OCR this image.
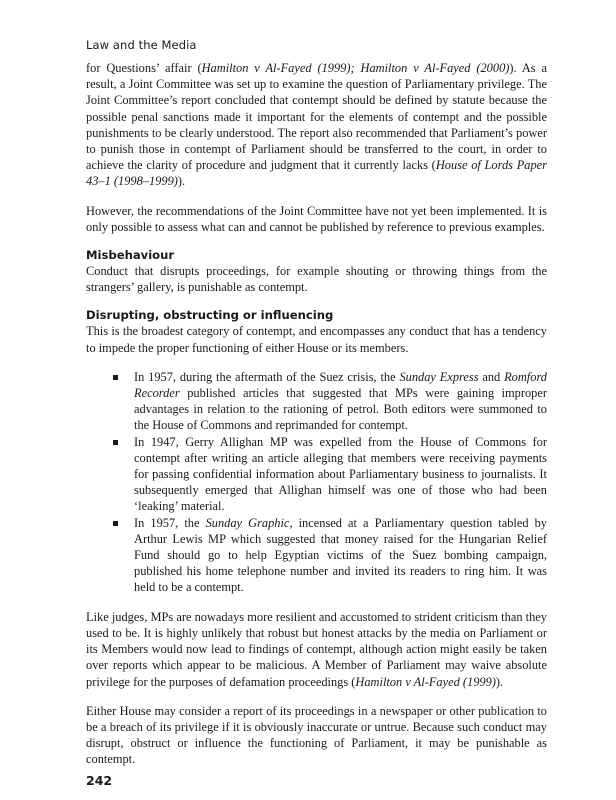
Law and the Media

for Questions’ affair (Hamilton v Al-Fayed (1999); Hamilton v Al-Fayed (2000)). As a result, a Joint Committee was set up to examine the question of Parliamentary privilege. The Joint Committee’s report concluded that contempt should be defined by statute because the possible penal sanctions made it important for the elements of contempt and the possible punishments to be clearly understood. The report also recommended that Parliament’s power to punish those in contempt of Parliament should be transferred to the court, in order to achieve the clarity of procedure and judgment that it currently lacks (House of Lords Paper 43–1 (1998–1999)).

However, the recommendations of the Joint Committee have not yet been implemented. It is only possible to assess what can and cannot be published by reference to previous examples.

Misbehaviour

Conduct that disrupts proceedings, for example shouting or throwing things from the strangers’ gallery, is punishable as contempt.

Disrupting, obstructing or influencing

This is the broadest category of contempt, and encompasses any conduct that has a tendency to impede the proper functioning of either House or its members.

In 1957, during the aftermath of the Suez crisis, the Sunday Express and Romford Recorder published articles that suggested that MPs were gaining improper advantages in relation to the rationing of petrol. Both editors were summoned to the House of Commons and reprimanded for contempt.
In 1947, Gerry Allighan MP was expelled from the House of Commons for contempt after writing an article alleging that members were receiving payments for passing confidential information about Parliamentary business to journalists. It subsequently emerged that Allighan himself was one of those who had been ‘leaking’ material.
In 1957, the Sunday Graphic, incensed at a Parliamentary question tabled by Arthur Lewis MP which suggested that money raised for the Hungarian Relief Fund should go to help Egyptian victims of the Suez bombing campaign, published his home telephone number and invited its readers to ring him. It was held to be a contempt.

Like judges, MPs are nowadays more resilient and accustomed to strident criticism than they used to be. It is highly unlikely that robust but honest attacks by the media on Parliament or its Members would now lead to findings of contempt, although action might easily be taken over reports which appear to be malicious. A Member of Parliament may waive absolute privilege for the purposes of defamation proceedings (Hamilton v Al-Fayed (1999)).

Either House may consider a report of its proceedings in a newspaper or other publication to be a breach of its privilege if it is obviously inaccurate or untrue. Because such conduct may disrupt, obstruct or influence the functioning of Parliament, it may be punishable as contempt.

242
